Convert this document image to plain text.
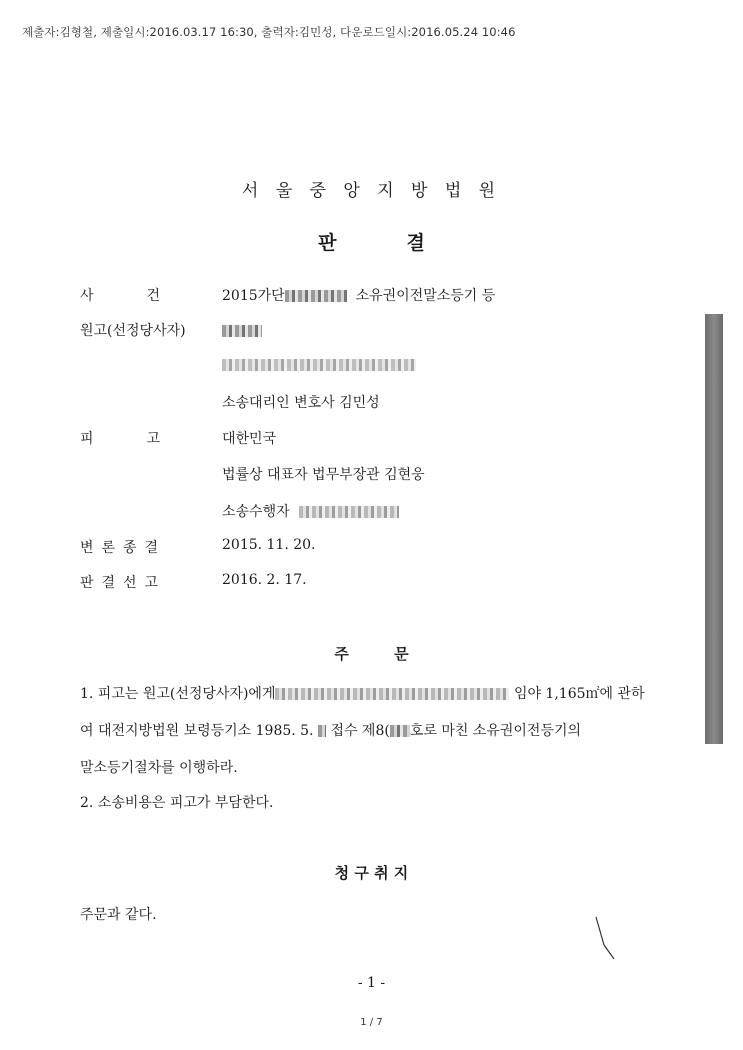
제출자:김형철, 제출일시:2016.03.17 16:30, 출력자:김민성, 다운로드일시:2016.05.24 10:46
서 울 중 앙 지 방 법 원
판결
사	건	2015가단	소유권이전말소등기 등
원고(선정당사자)
소송대리인 변호사 김민성
피	고	대한민국
법률상 대표자 법무부장관 김현웅
소송수행자
변 론 종 결	2015. 11. 20.
판 결 선 고	2016. 2. 17.
주 문
1. 피고는 원고(선정당사자)에게	임야 1,165㎡에 관하
여 대전지방법원 보령등기소 1985. 5. 접수 제8( 호로 마친 소유권이전등기의
말소등기절차를 이행하라.
2. 소송비용은 피고가 부담한다.
청 구 취 지
주문과 같다.
- 1 -
1 / 7
